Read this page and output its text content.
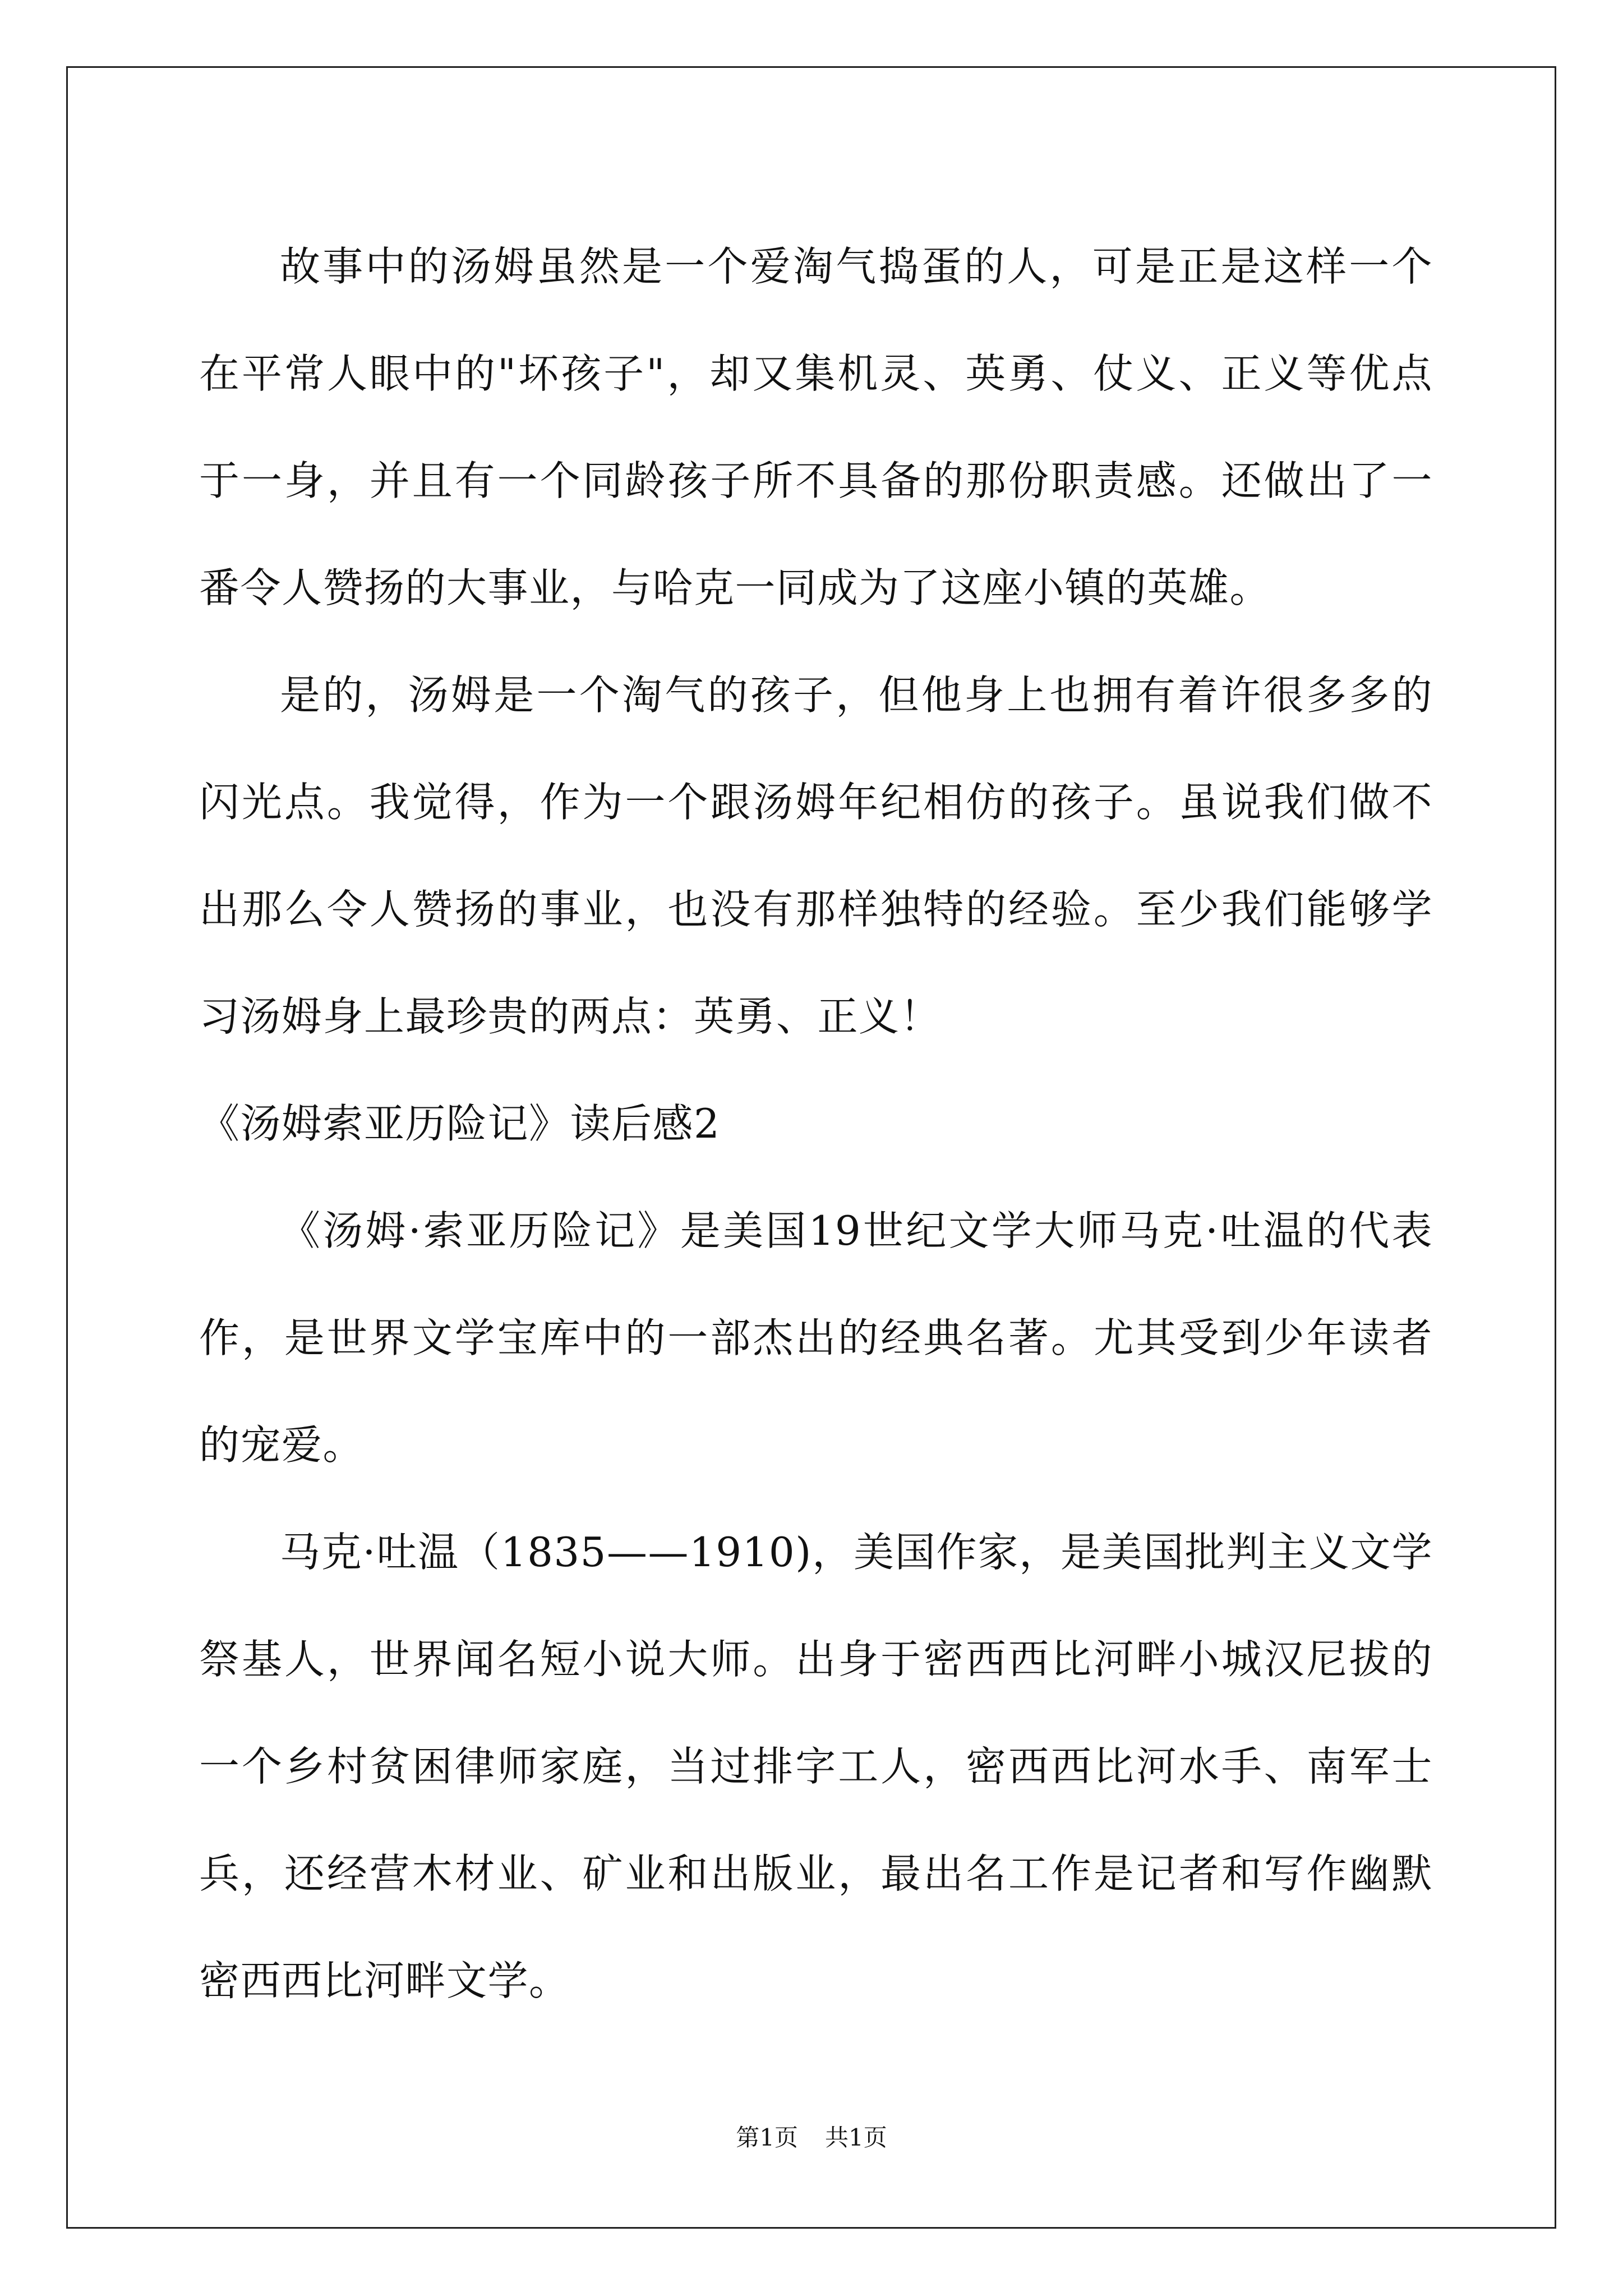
故事中的汤姆虽然是一个爱淘气捣蛋的人，可是正是这样一个在平常人眼中的"坏孩子"，却又集机灵、英勇、仗义、正义等优点于一身，并且有一个同龄孩子所不具备的那份职责感。还做出了一番令人赞扬的大事业，与哈克一同成为了这座小镇的英雄。

是的，汤姆是一个淘气的孩子，但他身上也拥有着许很多多的闪光点。我觉得，作为一个跟汤姆年纪相仿的孩子。虽说我们做不出那么令人赞扬的事业，也没有那样独特的经验。至少我们能够学习汤姆身上最珍贵的两点：英勇、正义！

《汤姆索亚历险记》读后感2

《汤姆·索亚历险记》是美国19世纪文学大师马克·吐温的代表作，是世界文学宝库中的一部杰出的经典名著。尤其受到少年读者的宠爱。

马克·吐温（1835——1910)，美国作家，是美国批判主义文学祭基人，世界闻名短小说大师。出身于密西西比河畔小城汉尼拔的一个乡村贫困律师家庭，当过排字工人，密西西比河水手、南军士兵，还经营木材业、矿业和出版业，最出名工作是记者和写作幽默密西西比河畔文学。

第1页 共1页
